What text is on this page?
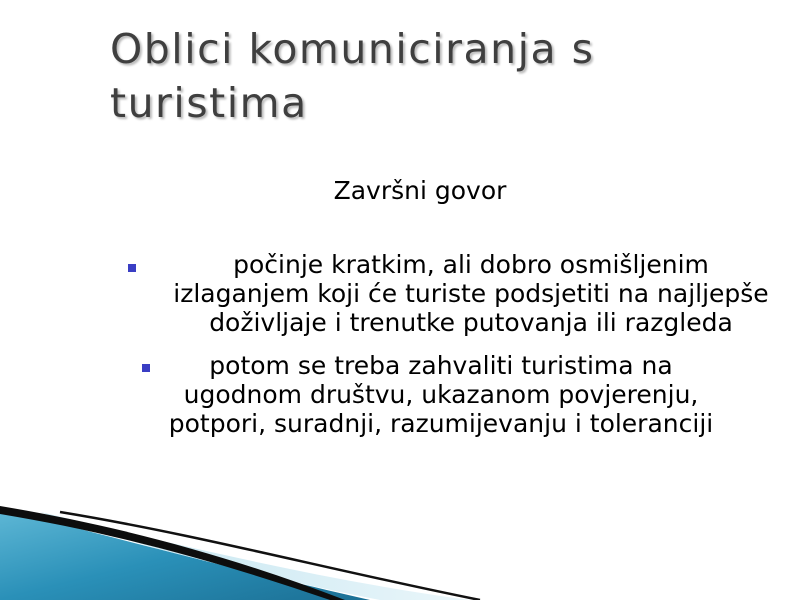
Oblici komuniciranja s turistima
Završni govor
počinje kratkim, ali dobro osmišljenim izlaganjem koji će turiste podsjetiti na najljepše doživljaje i trenutke putovanja ili razgleda
potom se treba zahvaliti turistima na ugodnom društvu, ukazanom povjerenju, potpori, suradnji, razumijevanju i toleranciji
